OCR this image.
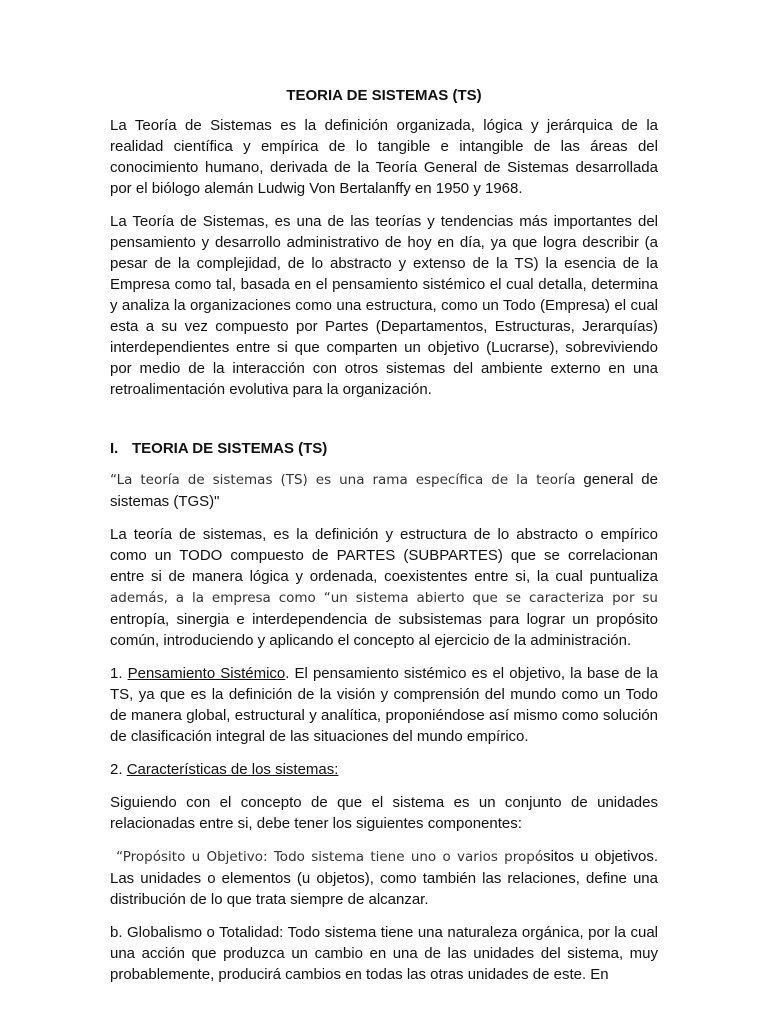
TEORIA DE SISTEMAS (TS)

La Teoría de Sistemas es la definición organizada, lógica y jerárquica de la realidad científica y empírica de lo tangible e intangible de las áreas del conocimiento humano, derivada de la Teoría General de Sistemas desarrollada por el biólogo alemán Ludwig Von Bertalanffy en 1950 y 1968.

La Teoría de Sistemas, es una de las teorías y tendencias más importantes del pensamiento y desarrollo administrativo de hoy en día, ya que logra describir (a pesar de la complejidad, de lo abstracto y extenso de la TS) la esencia de la Empresa como tal, basada en el pensamiento sistémico el cual detalla, determina y analiza la organizaciones como una estructura, como un Todo (Empresa) el cual esta a su vez compuesto por Partes (Departamentos, Estructuras, Jerarquías) interdependientes entre si que comparten un objetivo (Lucrarse), sobreviviendo por medio de la interacción con otros sistemas del ambiente externo en una retroalimentación evolutiva para la organización.

I. TEORIA DE SISTEMAS (TS)

“La teoría de sistemas (TS) es una rama específica de la teoría general de sistemas (TGS)"

La teoría de sistemas, es la definición y estructura de lo abstracto o empírico como un TODO compuesto de PARTES (SUBPARTES) que se correlacionan entre si de manera lógica y ordenada, coexistentes entre si, la cual puntualiza además, a la empresa como “un sistema abierto que se caracteriza por su entropía, sinergia e interdependencia de subsistemas para lograr un propósito común, introduciendo y aplicando el concepto al ejercicio de la administración.

1. Pensamiento Sistémico. El pensamiento sistémico es el objetivo, la base de la TS, ya que es la definición de la visión y comprensión del mundo como un Todo de manera global, estructural y analítica, proponiéndose así mismo como solución de clasificación integral de las situaciones del mundo empírico.

2. Características de los sistemas:

Siguiendo con el concepto de que el sistema es un conjunto de unidades relacionadas entre si, debe tener los siguientes componentes:

“Propósito u Objetivo: Todo sistema tiene uno o varios propósitos u objetivos. Las unidades o elementos (u objetos), como también las relaciones, define una distribución de lo que trata siempre de alcanzar.

b. Globalismo o Totalidad: Todo sistema tiene una naturaleza orgánica, por la cual una acción que produzca un cambio en una de las unidades del sistema, muy probablemente, producirá cambios en todas las otras unidades de este. En
